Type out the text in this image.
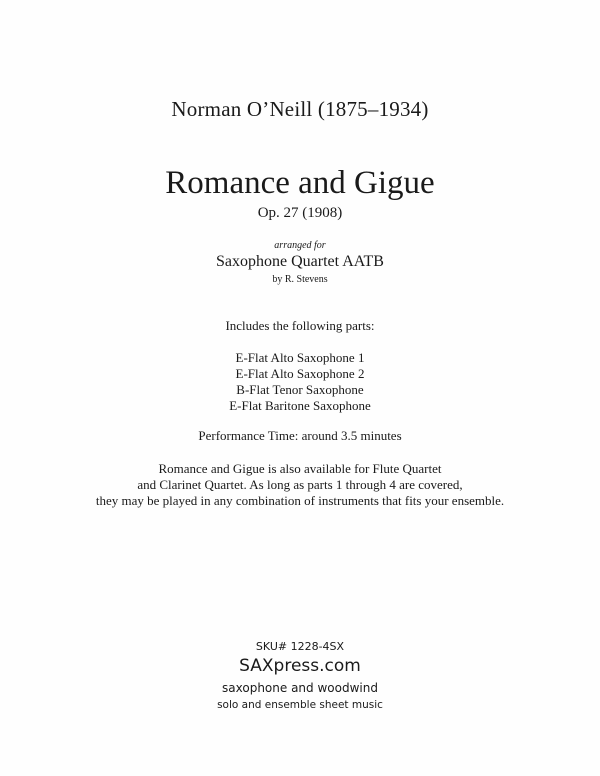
Norman O’Neill (1875–1934)
Romance and Gigue
Op. 27 (1908)
arranged for
Saxophone Quartet AATB
by R. Stevens
Includes the following parts:
E-Flat Alto Saxophone 1
E-Flat Alto Saxophone 2
B-Flat Tenor Saxophone
E-Flat Baritone Saxophone
Performance Time: around 3.5 minutes
Romance and Gigue is also available for Flute Quartet
and Clarinet Quartet. As long as parts 1 through 4 are covered,
they may be played in any combination of instruments that fits your ensemble.
SKU# 1228-4SX
SAXpress.com
saxophone and woodwind
solo and ensemble sheet music
